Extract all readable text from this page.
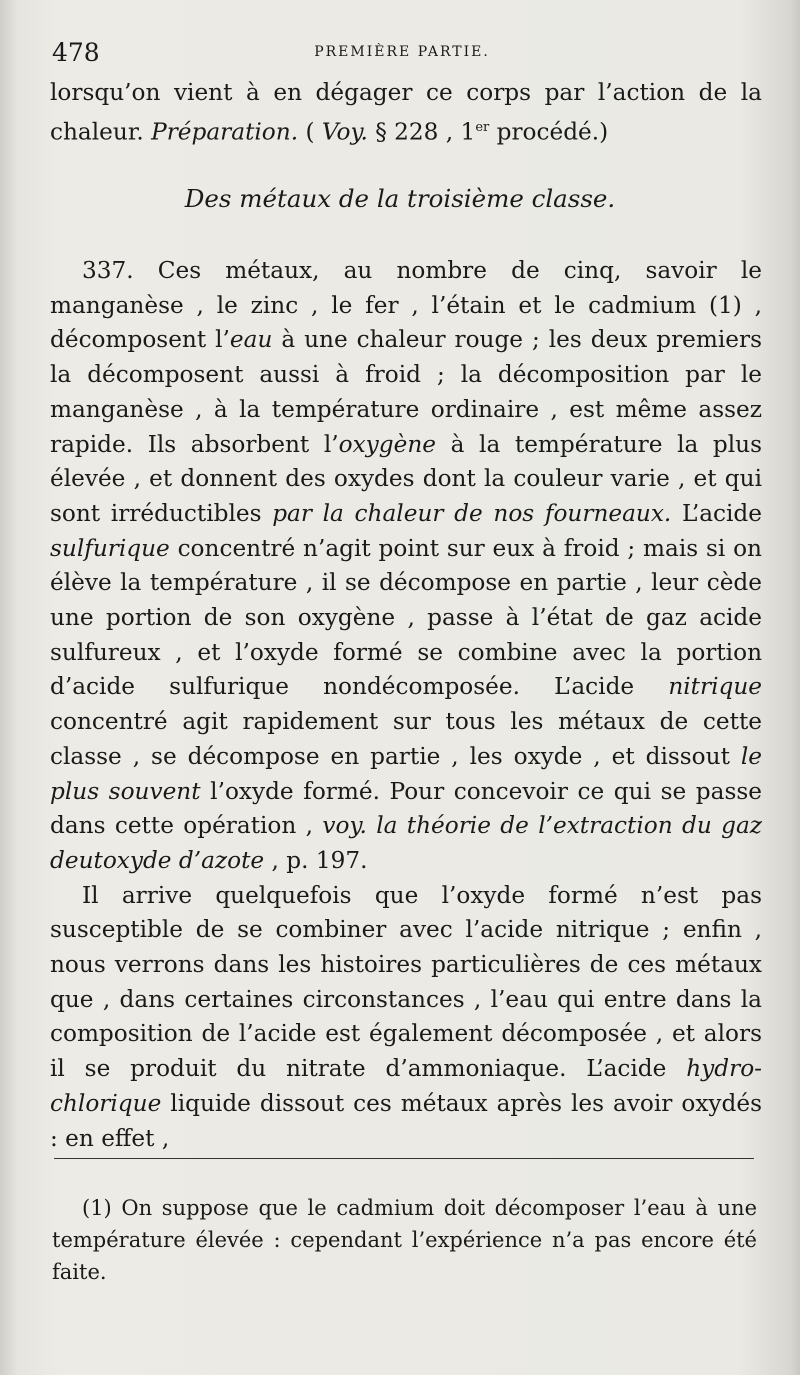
478	PREMIÈRE PARTIE.

lorsqu’on vient à en dégager ce corps par l’action de la

chaleur. Préparation. ( Voy. § 228 , 1er procédé.)

Des métaux de la troisième classe.

337. Ces métaux, au nombre de cinq, savoir le manganèse , le zinc , le fer , l’étain et le cadmium (1) , décomposent l’eau à une chaleur rouge ; les deux premiers la décomposent aussi à froid ; la décomposition par le manganèse , à la température ordinaire , est même assez rapide. Ils absorbent l’oxygène à la température la plus élevée , et donnent des oxydes dont la couleur varie , et qui sont irréductibles par la chaleur de nos fourneaux. L’acide sulfurique concentré n’agit point sur eux à froid ; mais si on élève la température , il se décompose en partie , leur cède une portion de son oxygène , passe à l’état de gaz acide sulfureux , et l’oxyde formé se combine avec la portion d’acide sulfurique nondécomposée. L’acide nitrique concentré agit rapidement sur tous les métaux de cette classe , se décompose en partie , les oxyde , et dissout le plus souvent l’oxyde formé. Pour concevoir ce qui se passe dans cette opération , voy. la théorie de l’extraction du gaz deutoxyde d’azote , p. 197.

Il arrive quelquefois que l’oxyde formé n’est pas susceptible de se combiner avec l’acide nitrique ; enfin , nous verrons dans les histoires particulières de ces métaux que , dans certaines circonstances , l’eau qui entre dans la composition de l’acide est également décomposée , et alors il se produit du nitrate d’ammoniaque. L’acide hydro-chlorique liquide dissout ces métaux après les avoir oxydés : en effet ,

(1) On suppose que le cadmium doit décomposer l’eau à une température élevée : cependant l’expérience n’a pas encore été faite.
